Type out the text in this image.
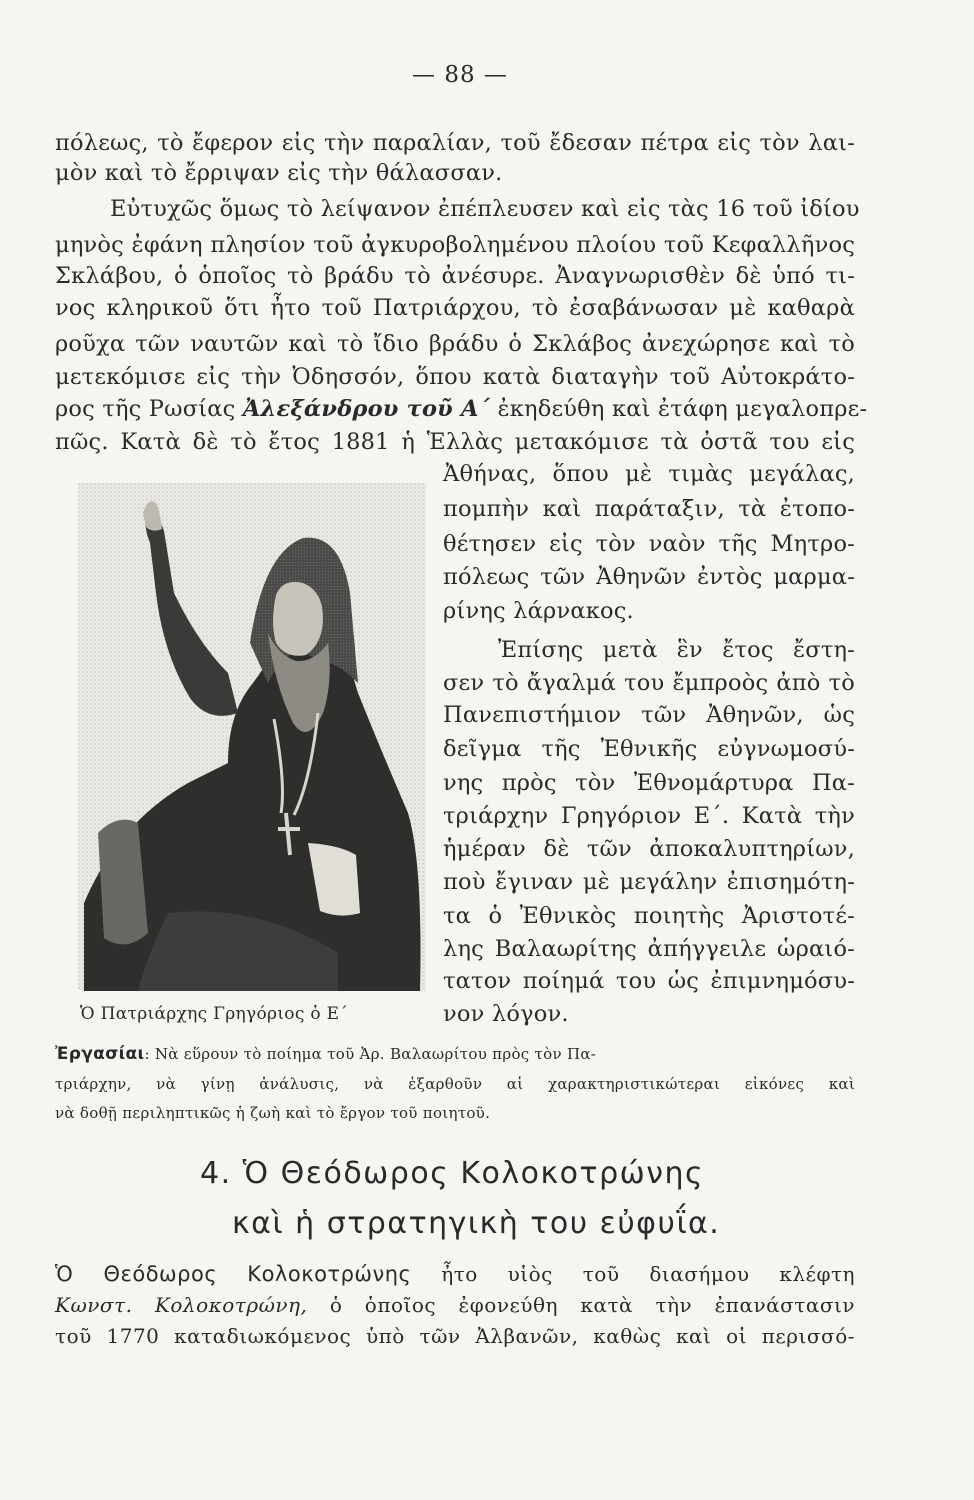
— 88 —
πόλεως, τὸ ἔφερον εἰς τὴν παραλίαν, τοῦ ἔδεσαν πέτρα εἰς τὸν λαι-
μὸν καὶ τὸ ἔρριψαν εἰς τὴν θάλασσαν.
Εὐτυχῶς ὅμως τὸ λείψανον ἐπέπλευσεν καὶ εἰς τὰς 16 τοῦ ἰδίου
μηνὸς ἐφάνη πλησίον τοῦ ἀγκυροβολημένου πλοίου τοῦ Κεφαλλῆνος
Σκλάβου, ὁ ὁποῖος τὸ βράδυ τὸ ἀνέσυρε. Ἀναγνωρισθὲν δὲ ὑπό τι-
νος κληρικοῦ ὅτι ἦτο τοῦ Πατριάρχου, τὸ ἐσαβάνωσαν μὲ καθαρὰ
ροῦχα τῶν ναυτῶν καὶ τὸ ἴδιο βράδυ ὁ Σκλάβος ἀνεχώρησε καὶ τὸ
μετεκόμισε εἰς τὴν Ὀδησσόν, ὅπου κατὰ διαταγὴν τοῦ Αὐτοκράτο-
ρος τῆς Ρωσίας Ἀλεξάνδρου τοῦ Α΄ ἐκηδεύθη καὶ ἐτάφη μεγαλοπρε-
πῶς. Κατὰ δὲ τὸ ἔτος 1881 ἡ Ἑλλὰς μετακόμισε τὰ ὀστᾶ του εἰς
Ἀθήνας, ὅπου μὲ τιμὰς μεγάλας,
πομπὴν καὶ παράταξιν, τὰ ἐτοπο-
θέτησεν εἰς τὸν ναὸν τῆς Μητρο-
πόλεως τῶν Ἀθηνῶν ἐντὸς μαρμα-
ρίνης λάρνακος.
Ἐπίσης μετὰ ἓν ἔτος ἔστη-
σεν τὸ ἄγαλμά του ἔμπροὸς ἀπὸ τὸ
Πανεπιστήμιον τῶν Ἀθηνῶν, ὡς
δεῖγμα τῆς Ἐθνικῆς εὐγνωμοσύ-
νης πρὸς τὸν Ἐθνομάρτυρα Πα-
τριάρχην Γρηγόριον Ε΄. Κατὰ τὴν
ἡμέραν δὲ τῶν ἀποκαλυπτηρίων,
ποὺ ἔγιναν μὲ μεγάλην ἐπισημότη-
τα ὁ Ἐθνικὸς ποιητὴς Ἀριστοτέ-
λης Βαλαωρίτης ἀπήγγειλε ὡραιό-
τατον ποίημά του ὡς ἐπιμνημόσυ-
νον λόγον.
Ὁ Πατριάρχης Γρηγόριος ὁ Ε΄
Ἐργασίαι: Νὰ εὕρουν τὸ ποίημα τοῦ Ἀρ. Βαλαωρίτου πρὸς τὸν Πα-
τριάρχην, νὰ γίνῃ ἀνάλυσις, νὰ ἐξαρθοῦν αἱ χαρακτηριστικώτεραι εἰκόνες καὶ
νὰ δοθῇ περιληπτικῶς ἡ ζωὴ καὶ τὸ ἔργον τοῦ ποιητοῦ.
4. Ὁ Θεόδωρος Κολοκοτρώνης
καὶ ἡ στρατηγικὴ του εὐφυΐα.
Ὁ Θεόδωρος Κολοκοτρώνης ἦτο υἱὸς τοῦ διασήμου κλέφτη
Κωνστ. Κολοκοτρώνη, ὁ ὁποῖος ἐφονεύθη κατὰ τὴν ἐπανάστασιν
τοῦ 1770 καταδιωκόμενος ὑπὸ τῶν Ἀλβανῶν, καθὼς καὶ οἱ περισσό-
